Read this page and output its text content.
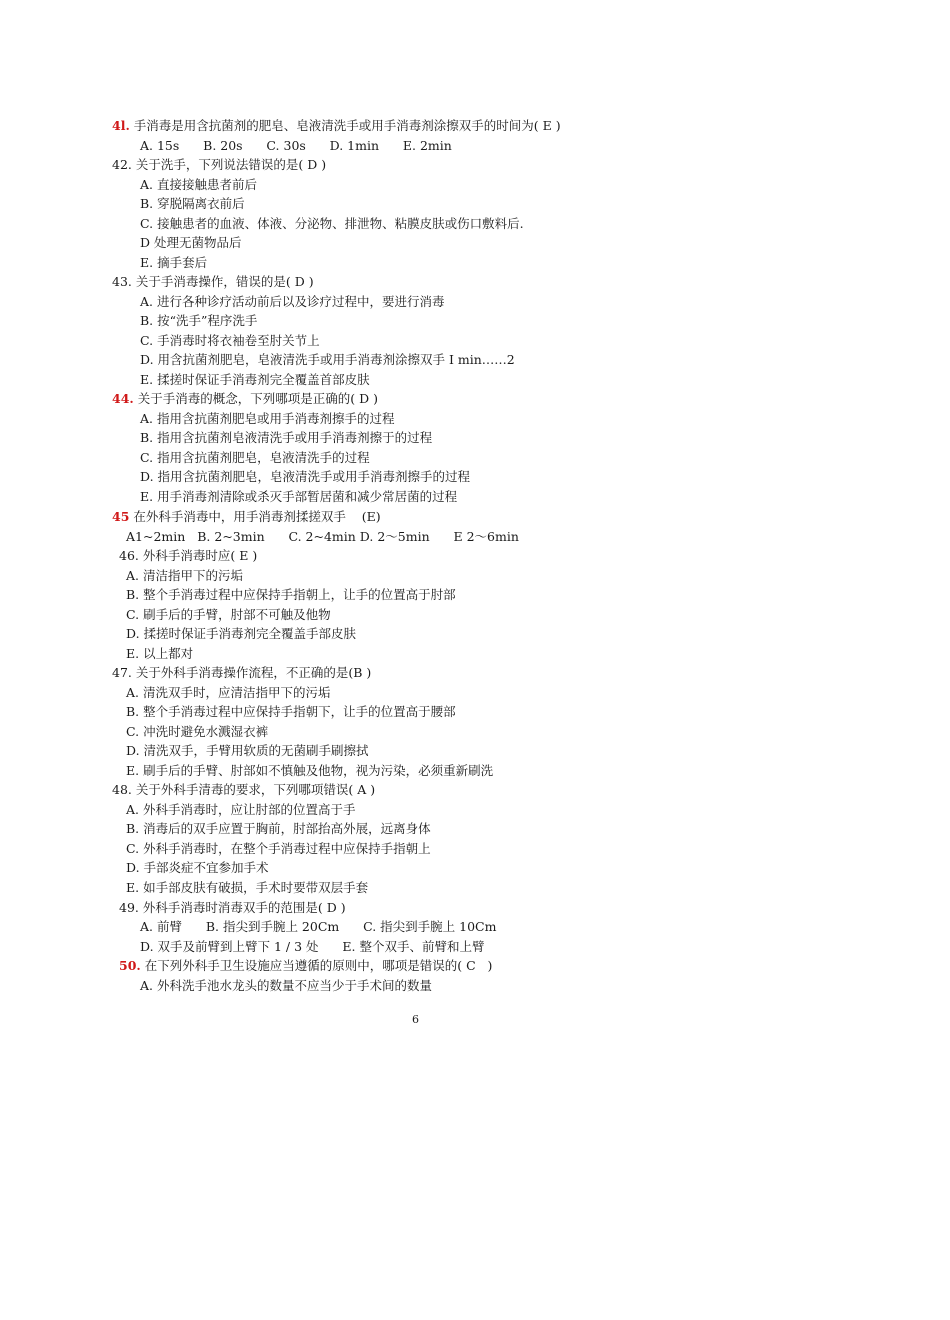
4l. 手消毒是用含抗菌剂的肥皂、皂液清洗手或用手消毒剂涂擦双手的时间为( E )
A. 15s      B. 20s      C. 30s      D. 1min      E. 2min
42. 关于洗手，下列说法错误的是( D )
A. 直接接触患者前后
B. 穿脱隔离衣前后
C. 接触患者的血液、体液、分泌物、排泄物、粘膜皮肤或伤口敷料后.
D 处理无菌物品后
E. 摘手套后
43. 关于手消毒操作，错误的是( D )
A. 进行各种诊疗活动前后以及诊疗过程中，要进行消毒
B. 按“洗手”程序洗手
C. 手消毒时将衣袖卷至肘关节上
D. 用含抗菌剂肥皂，皂液清洗手或用手消毒剂涂擦双手 I min……2
E. 揉搓时保证手消毒剂完全覆盖首部皮肤
44. 关于手消毒的概念，下列哪项是正确的( D )
A. 指用含抗菌剂肥皂或用手消毒剂擦手的过程
B. 指用含抗菌剂皂液清洗手或用手消毒剂擦于的过程
C. 指用含抗菌剂肥皂，皂液清洗手的过程
D. 指用含抗菌剂肥皂，皂液清洗手或用手消毒剂擦手的过程
E. 用手消毒剂清除或杀灭手部暂居菌和减少常居菌的过程
45 在外科手消毒中，用手消毒剂揉搓双手    (E)
A1~2min   B. 2~3min      C. 2~4min D. 2～5min      E 2～6min
46. 外科手消毒时应( E )
A. 清洁指甲下的污垢
B. 整个手消毒过程中应保持手指朝上，让手的位置高于肘部
C. 刷手后的手臂，肘部不可触及他物
D. 揉搓时保证手消毒剂完全覆盖手部皮肤
E. 以上都对
47. 关于外科手消毒操作流程，不正确的是(B )
A. 清洗双手时，应清洁指甲下的污垢
B. 整个手消毒过程中应保持手指朝下，让手的位置高于腰部
C. 冲洗时避免水溅湿衣裤
D. 清洗双手，手臂用软质的无菌刷手刷擦拭
E. 刷手后的手臂、肘部如不慎触及他物，视为污染，必须重新刷洗
48. 关于外科手清毒的要求，下列哪项错误( A )
A. 外科手消毒时，应让肘部的位置高于手
B. 消毒后的双手应置于胸前，肘部抬高外展，远离身体
C. 外科手消毒时，在整个手消毒过程中应保持手指朝上
D. 手部炎症不宜参加手术
E. 如手部皮肤有破损，手术时要带双层手套
49. 外科手消毒时消毒双手的范围是( D )
A. 前臂      B. 指尖到手腕上 20Cm      C. 指尖到手腕上 10Cm
D. 双手及前臂到上臂下 1 / 3 处      E. 整个双手、前臂和上臂
50. 在下列外科手卫生设施应当遵循的原则中，哪项是错误的( C   )
A. 外科洗手池水龙头的数量不应当少于手术间的数量
6
